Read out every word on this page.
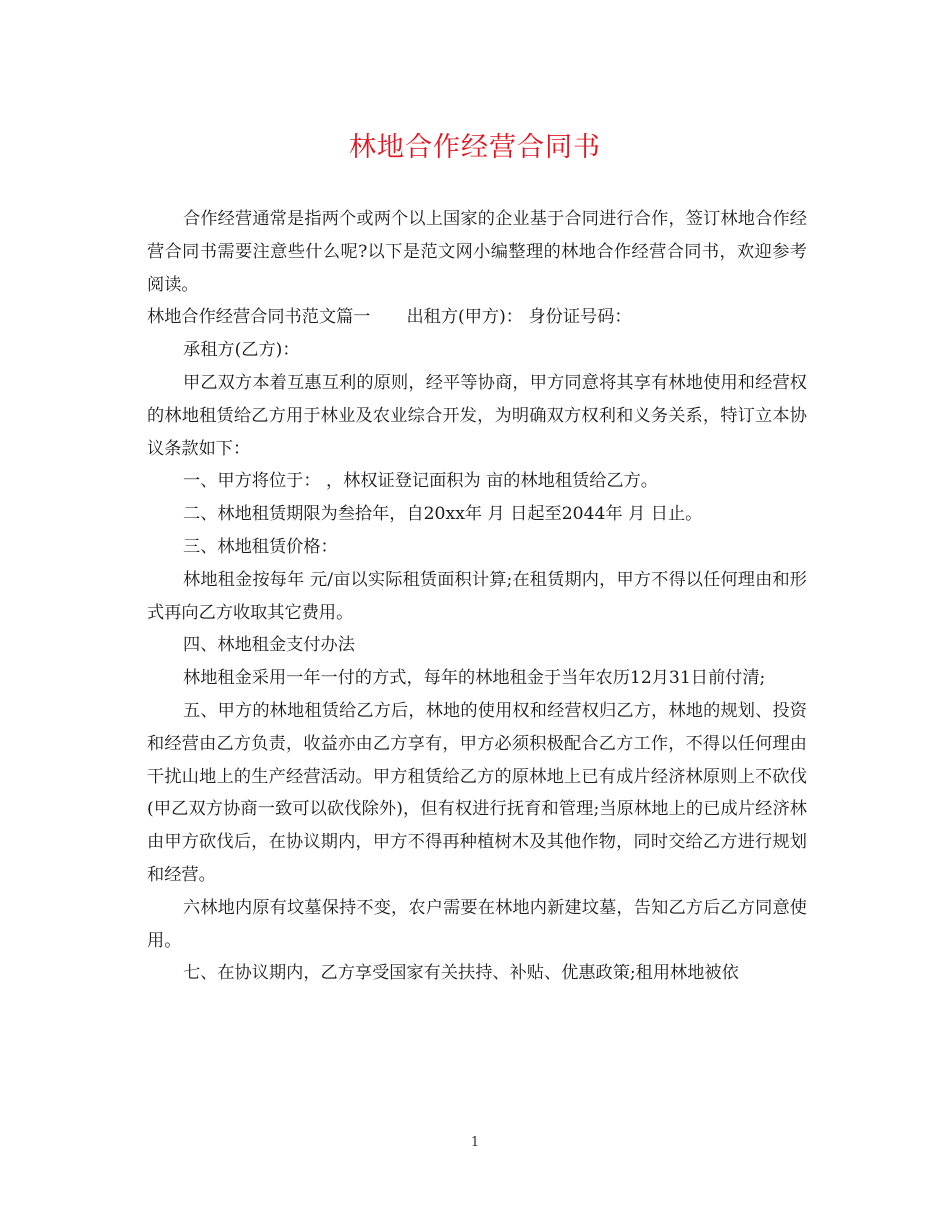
林地合作经营合同书

合作经营通常是指两个或两个以上国家的企业基于合同进行合作，签订林地合作经营合同书需要注意些什么呢?以下是范文网小编整理的林地合作经营合同书，欢迎参考阅读。

林地合作经营合同书范文篇一 出租方(甲方)： 身份证号码：

承租方(乙方)：

甲乙双方本着互惠互利的原则，经平等协商，甲方同意将其享有林地使用和经营权的林地租赁给乙方用于林业及农业综合开发，为明确双方权利和义务关系，特订立本协议条款如下：

一、甲方将位于： ，林权证登记面积为 亩的林地租赁给乙方。

二、林地租赁期限为叁拾年，自20xx年 月 日起至2044年 月 日止。

三、林地租赁价格：

林地租金按每年 元/亩以实际租赁面积计算;在租赁期内，甲方不得以任何理由和形式再向乙方收取其它费用。

四、林地租金支付办法

林地租金采用一年一付的方式，每年的林地租金于当年农历12月31日前付清;

五、甲方的林地租赁给乙方后，林地的使用权和经营权归乙方，林地的规划、投资和经营由乙方负责，收益亦由乙方享有，甲方必须积极配合乙方工作，不得以任何理由干扰山地上的生产经营活动。甲方租赁给乙方的原林地上已有成片经济林原则上不砍伐(甲乙双方协商一致可以砍伐除外)，但有权进行抚育和管理;当原林地上的已成片经济林由甲方砍伐后，在协议期内，甲方不得再种植树木及其他作物，同时交给乙方进行规划和经营。

六林地内原有坟墓保持不变，农户需要在林地内新建坟墓，告知乙方后乙方同意使用。

七、在协议期内，乙方享受国家有关扶持、补贴、优惠政策;租用林地被依

1
